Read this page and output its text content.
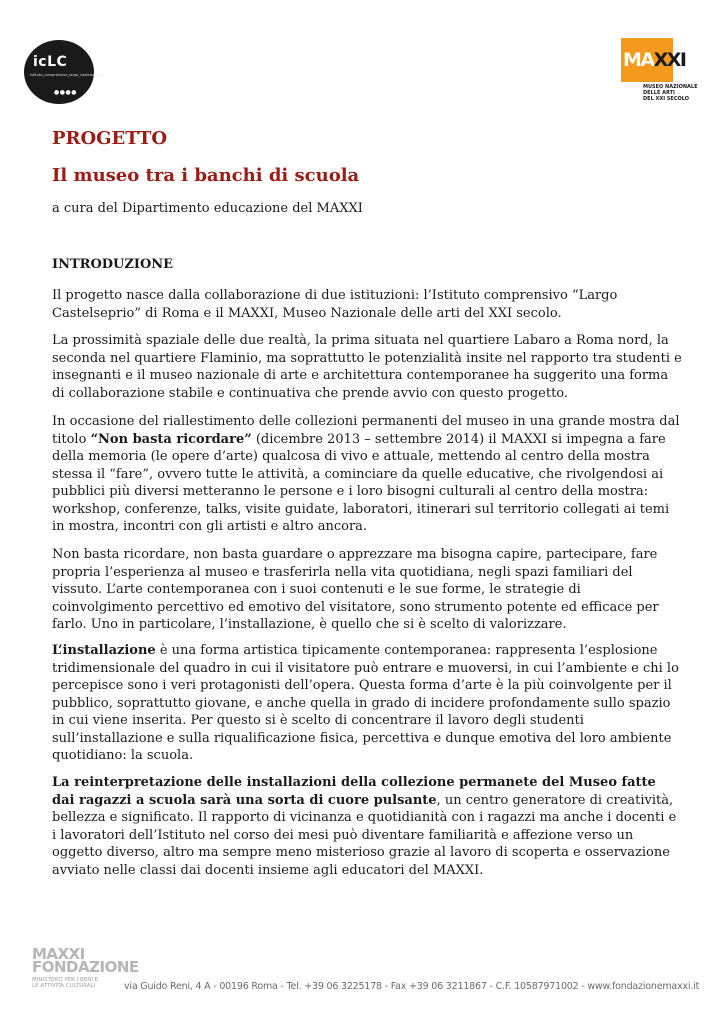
icLC
istituto_comprensivo_largo_castelseprio
●●●●
MAXXI
MUSEO NAZIONALE
DELLE ARTI
DEL XXI SECOLO
PROGETTO
Il museo tra i banchi di scuola
a cura del Dipartimento educazione del MAXXI
INTRODUZIONE
Il progetto nasce dalla collaborazione di due istituzioni: l’Istituto comprensivo “Largo Castelseprio” di Roma e il MAXXI, Museo Nazionale delle arti del XXI secolo.
La prossimità spaziale delle due realtà, la prima situata nel quartiere Labaro a Roma nord, la seconda nel quartiere Flaminio, ma soprattutto le potenzialità insite nel rapporto tra studenti e insegnanti e il museo nazionale di arte e architettura contemporanee ha suggerito una forma di collaborazione stabile e continuativa che prende avvio con questo progetto.
In occasione del riallestimento delle collezioni permanenti del museo in una grande mostra dal titolo “Non basta ricordare” (dicembre 2013 – settembre 2014) il MAXXI si impegna a fare della memoria (le opere d’arte) qualcosa di vivo e attuale, mettendo al centro della mostra stessa il “fare”, ovvero tutte le attività, a cominciare da quelle educative, che rivolgendosi ai pubblici più diversi metteranno le persone e i loro bisogni culturali al centro della mostra: workshop, conferenze, talks, visite guidate, laboratori, itinerari sul territorio collegati ai temi in mostra, incontri con gli artisti e altro ancora.
Non basta ricordare, non basta guardare o apprezzare ma bisogna capire, partecipare, fare propria l’esperienza al museo e trasferirla nella vita quotidiana, negli spazi familiari del vissuto. L’arte contemporanea con i suoi contenuti e le sue forme, le strategie di coinvolgimento percettivo ed emotivo del visitatore, sono strumento potente ed efficace per farlo. Uno in particolare, l’installazione, è quello che si è scelto di valorizzare.
L’installazione è una forma artistica tipicamente contemporanea: rappresenta l’esplosione tridimensionale del quadro in cui il visitatore può entrare e muoversi, in cui l’ambiente e chi lo percepisce sono i veri protagonisti dell’opera. Questa forma d’arte è la più coinvolgente per il pubblico, soprattutto giovane, e anche quella in grado di incidere profondamente sullo spazio in cui viene inserita. Per questo si è scelto di concentrare il lavoro degli studenti sull’installazione e sulla riqualificazione fisica, percettiva e dunque emotiva del loro ambiente quotidiano: la scuola.
La reinterpretazione delle installazioni della collezione permanete del Museo fatte dai ragazzi a scuola sarà una sorta di cuore pulsante, un centro generatore di creatività, bellezza e significato. Il rapporto di vicinanza e quotidianità con i ragazzi ma anche i docenti e i lavoratori dell’Istituto nel corso dei mesi può diventare familiarità e affezione verso un oggetto diverso, altro ma sempre meno misterioso grazie al lavoro di scoperta e osservazione avviato nelle classi dai docenti insieme agli educatori del MAXXI.
MAXXI
FONDAZIONE
MINISTERO PER I BENI E
LE ATTIVITÀ CULTURALI	via Guido Reni, 4 A - 00196 Roma - Tel. +39 06 3225178 - Fax +39 06 3211867 - C.F. 10587971002 - www.fondazionemaxxi.it
